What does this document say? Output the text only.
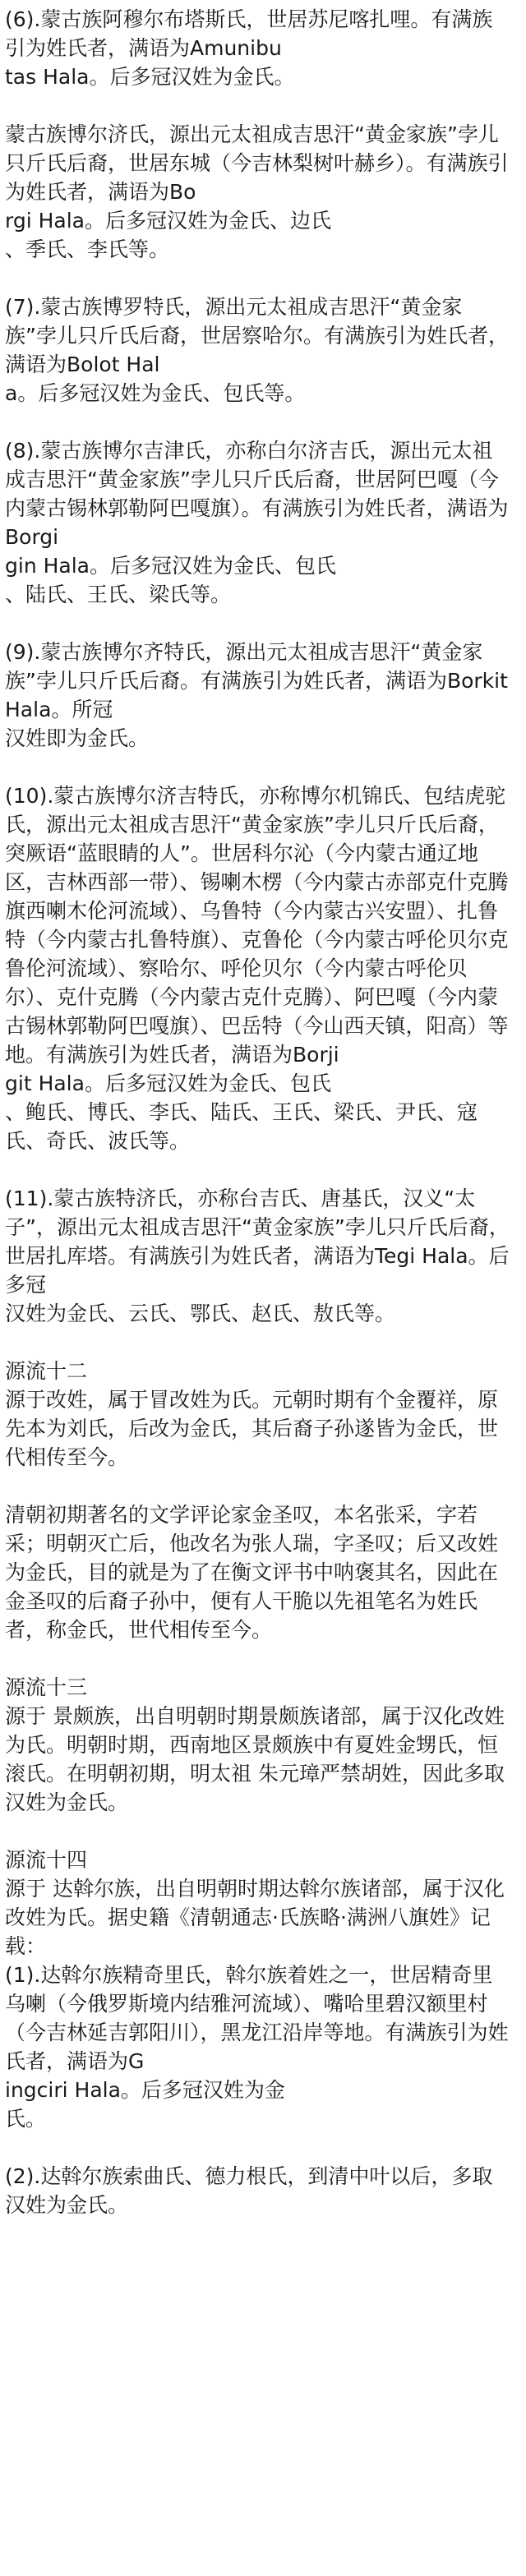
(6).蒙古族阿穆尔布塔斯氏，世居苏尼喀扎哩。有满族引为姓氏者，满语为Amunibu
tas Hala。后多冠汉姓为金氏。

蒙古族博尔济氏，源出元太祖成吉思汗“黄金家族”孛儿只斤氏后裔，世居东城（今吉林梨树叶赫乡）。有满族引为姓氏者，满语为Bo
rgi Hala。后多冠汉姓为金氏、边氏
、季氏、李氏等。

(7).蒙古族博罗特氏，源出元太祖成吉思汗“黄金家族”孛儿只斤氏后裔，世居察哈尔。有满族引为姓氏者，满语为Bolot Hal
a。后多冠汉姓为金氏、包氏等。

(8).蒙古族博尔吉津氏，亦称白尔济吉氏，源出元太祖 成吉思汗“黄金家族”孛儿只斤氏后裔，世居阿巴嘎（今内蒙古锡林郭勒阿巴嘎旗）。有满族引为姓氏者，满语为Borgi
gin Hala。后多冠汉姓为金氏、包氏
、陆氏、王氏、梁氏等。

(9).蒙古族博尔齐特氏，源出元太祖成吉思汗“黄金家族”孛儿只斤氏后裔。有满族引为姓氏者，满语为Borkit Hala。所冠
汉姓即为金氏。

(10).蒙古族博尔济吉特氏，亦称博尔机锦氏、包结虎驼氏，源出元太祖成吉思汗“黄金家族”孛儿只斤氏后裔，突厥语“蓝眼睛的人”。世居科尔沁（今内蒙古通辽地区，吉林西部一带）、锡喇木楞（今内蒙古赤部克什克腾旗西喇木伦河流域）、乌鲁特（今内蒙古兴安盟）、扎鲁特（今内蒙古扎鲁特旗）、克鲁伦（今内蒙古呼伦贝尔克鲁伦河流域）、察哈尔、呼伦贝尔（今内蒙古呼伦贝尔）、克什克腾（今内蒙古克什克腾）、阿巴嘎（今内蒙古锡林郭勒阿巴嘎旗）、巴岳特（今山西天镇，阳高）等地。有满族引为姓氏者，满语为Borji
git Hala。后多冠汉姓为金氏、包氏
、鲍氏、博氏、李氏、陆氏、王氏、梁氏、尹氏、寇氏、奇氏、波氏等。

(11).蒙古族特济氏，亦称台吉氏、唐基氏，汉义“太子”，源出元太祖成吉思汗“黄金家族”孛儿只斤氏后裔，世居扎库塔。有满族引为姓氏者，满语为Tegi Hala。后多冠
汉姓为金氏、云氏、鄂氏、赵氏、敖氏等。

源流十二

源于改姓，属于冒改姓为氏。元朝时期有个金覆祥，原先本为刘氏，后改为金氏，其后裔子孙遂皆为金氏，世代相传至今。

清朝初期著名的文学评论家金圣叹，本名张采，字若采；明朝灭亡后，他改名为张人瑞，字圣叹；后又改姓为金氏，目的就是为了在衡文评书中呐褒其名，因此在金圣叹的后裔子孙中，便有人干脆以先祖笔名为姓氏者，称金氏，世代相传至今。

源流十三

源于 景颇族，出自明朝时期景颇族诸部，属于汉化改姓为氏。明朝时期，西南地区景颇族中有夏姓金甥氏，恒滚氏。在明朝初期，明太祖 朱元璋严禁胡姓，因此多取汉姓为金氏。

源流十四

源于 达斡尔族，出自明朝时期达斡尔族诸部，属于汉化改姓为氏。据史籍《清朝通志·氏族略·满洲八旗姓》记载：
(1).达斡尔族精奇里氏，斡尔族着姓之一，世居精奇里乌喇（今俄罗斯境内结雅河流域）、嘴哈里碧汉额里村（今吉林延吉郭阳川），黑龙江沿岸等地。有满族引为姓氏者，满语为G
ingciri Hala。后多冠汉姓为金
氏。

(2).达斡尔族索曲氏、德力根氏，到清中叶以后，多取汉姓为金氏。
